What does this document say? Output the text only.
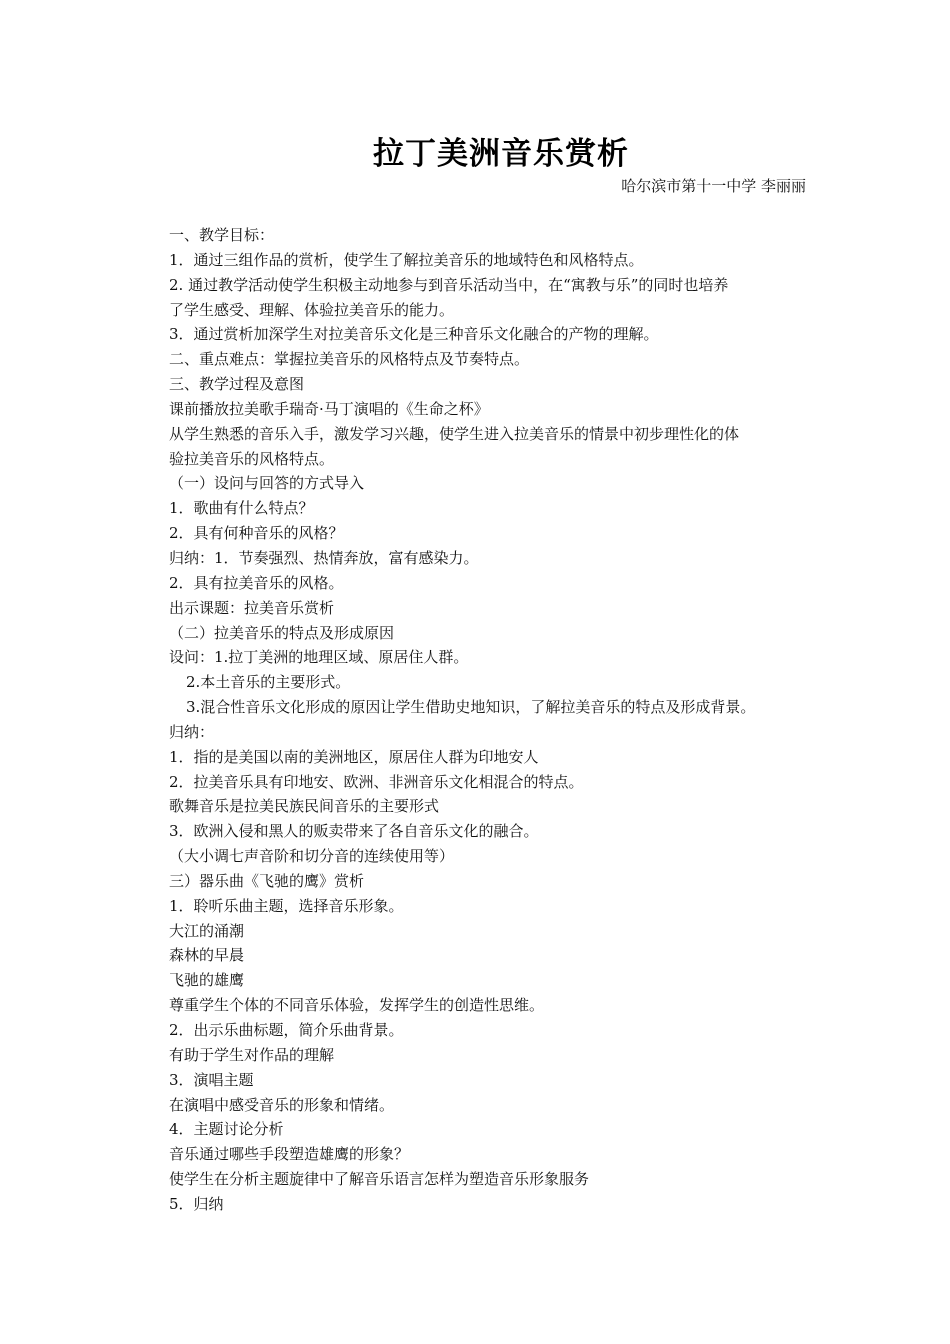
拉丁美洲音乐赏析
哈尔滨市第十一中学 李丽丽
一、教学目标：
1．通过三组作品的赏析，使学生了解拉美音乐的地域特色和风格特点。
2. 通过教学活动使学生积极主动地参与到音乐活动当中，在“寓教与乐”的同时也培养
了学生感受、理解、体验拉美音乐的能力。
3．通过赏析加深学生对拉美音乐文化是三种音乐文化融合的产物的理解。
二、重点难点：掌握拉美音乐的风格特点及节奏特点。
三、教学过程及意图
课前播放拉美歌手瑞奇·马丁演唱的《生命之杯》
从学生熟悉的音乐入手，激发学习兴趣，使学生进入拉美音乐的情景中初步理性化的体
验拉美音乐的风格特点。
（一）设问与回答的方式导入
1．歌曲有什么特点？
2．具有何种音乐的风格？
归纳：1．节奏强烈、热情奔放，富有感染力。
2．具有拉美音乐的风格。
出示课题：拉美音乐赏析
（二）拉美音乐的特点及形成原因
设问：1.拉丁美洲的地理区域、原居住人群。
2.本土音乐的主要形式。
3.混合性音乐文化形成的原因让学生借助史地知识，了解拉美音乐的特点及形成背景。
归纳：
1．指的是美国以南的美洲地区，原居住人群为印地安人
2．拉美音乐具有印地安、欧洲、非洲音乐文化相混合的特点。
歌舞音乐是拉美民族民间音乐的主要形式
3．欧洲入侵和黑人的贩卖带来了各自音乐文化的融合。
（大小调七声音阶和切分音的连续使用等）
三）器乐曲《飞驰的鹰》赏析
1．聆听乐曲主题，选择音乐形象。
大江的涌潮
森林的早晨
飞驰的雄鹰
尊重学生个体的不同音乐体验，发挥学生的创造性思维。
2．出示乐曲标题，简介乐曲背景。
有助于学生对作品的理解
3．演唱主题
在演唱中感受音乐的形象和情绪。
4．主题讨论分析
音乐通过哪些手段塑造雄鹰的形象？
使学生在分析主题旋律中了解音乐语言怎样为塑造音乐形象服务
5．归纳
